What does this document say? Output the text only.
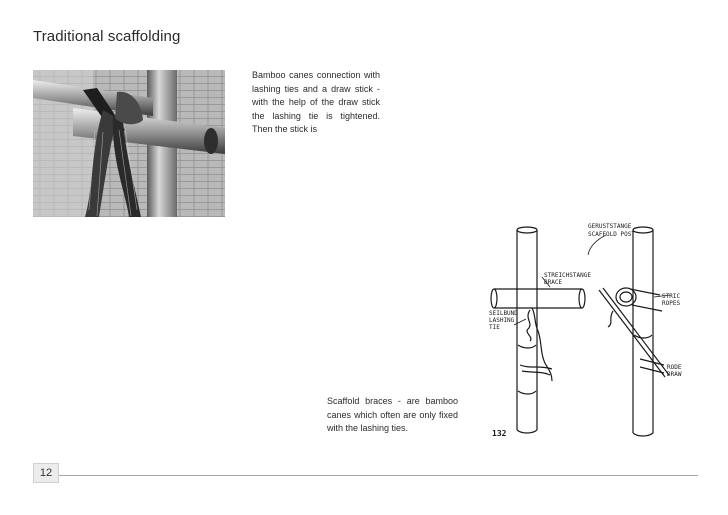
Traditional scaffolding
Bamboo canes connection with lashing ties and a draw stick - with the help of the draw stick the lashing tie is tightened. Then the stick is
GERUSTSTANGE
SCAFFOLD POST
STREICHSTANGE
BRACE
SEILBUND
LASHING
TIE
STRIC
ROPES
RODE
DRAW
132
Scaffold braces - are bamboo canes which often are only fixed with the lashing ties.
12
